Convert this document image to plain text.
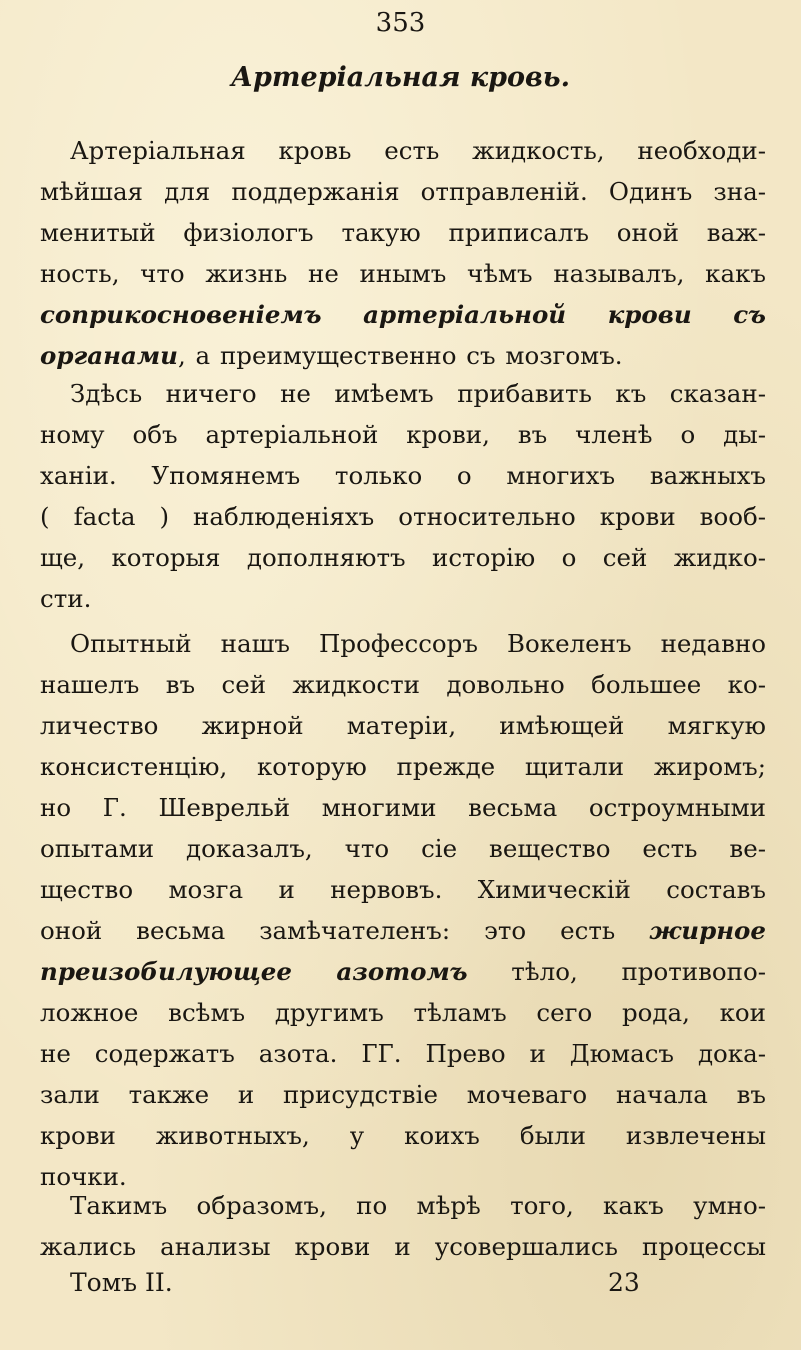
353
Артеріальная кровь.
Артеріальная кровь есть жидкость, необходи-
мѣйшая для поддержанія отправленій. Одинъ зна-
менитый физіологъ такую приписалъ оной важ-
ность, что жизнь не инымъ чѣмъ называлъ, какъ
соприкосновеніемъ артеріальной крови съ
органами, а преимущественно съ мозгомъ.
Здѣсь ничего не имѣемъ прибавить къ сказан-
ному объ артеріальной крови, въ членѣ о ды-
ханіи. Упомянемъ только о многихъ важныхъ
( facta ) наблюденіяхъ относительно крови вооб-
ще, которыя дополняютъ исторію о сей жидко-
сти.
Опытный нашъ Профессоръ Вокеленъ недавно
нашелъ въ сей жидкости довольно большее ко-
личество жирной матеріи, имѣющей мягкую
консистенцію, которую прежде щитали жиромъ;
но Г. Шеврельй многими весьма остроумными
опытами доказалъ, что сіе вещество есть ве-
щество мозга и нервовъ. Химическій составъ
оной весьма замѣчателенъ: это есть жирное
преизобилующее азотомъ тѣло, противопо-
ложное всѣмъ другимъ тѣламъ сего рода, кои
не содержатъ азота. ГГ. Прево и Дюмасъ дока-
зали также и присудствіе мочеваго начала въ
крови животныхъ, у коихъ были извлечены
почки.
Такимъ образомъ, по мѣрѣ того, какъ умно-
жались анализы крови и усовершались процессы
Томъ II.	23
